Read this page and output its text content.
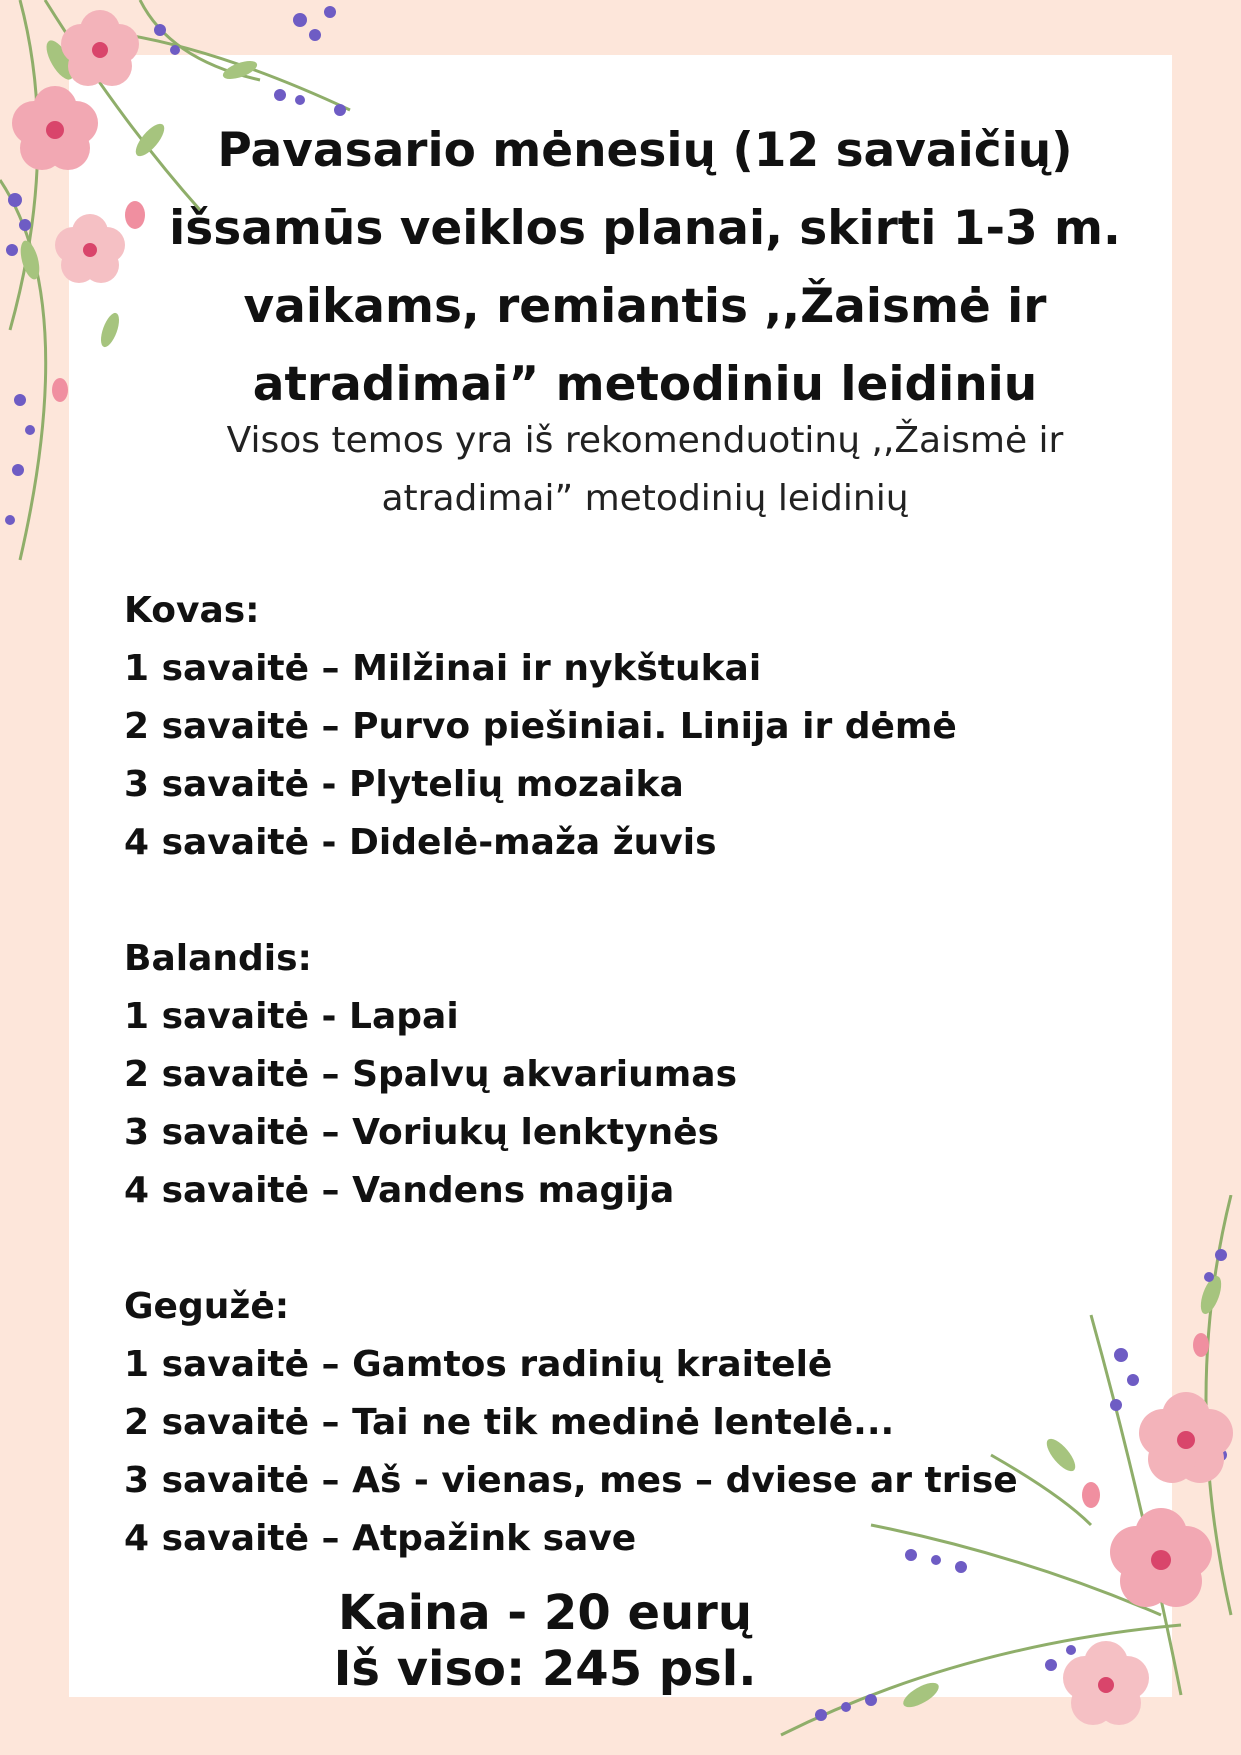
Pavasario mėnesių (12 savaičių) išsamūs veiklos planai, skirti 1-3 m. vaikams, remiantis ,,Žaismė ir atradimai” metodiniu leidiniu

Visos temos yra iš rekomenduotinų ,,Žaismė ir atradimai” metodinių leidinių

Kovas:
1 savaitė – Milžinai ir nykštukai
2 savaitė – Purvo piešiniai. Linija ir dėmė
3 savaitė - Plytelių mozaika
4 savaitė - Didelė-maža žuvis
Balandis:
1 savaitė - Lapai
2 savaitė – Spalvų akvariumas
3 savaitė – Voriukų lenktynės
4 savaitė – Vandens magija
Gegužė:
1 savaitė – Gamtos radinių kraitelė
2 savaitė – Tai ne tik medinė lentelė...
3 savaitė – Aš - vienas, mes – dviese ar trise
4 savaitė – Atpažink save
Kaina - 20 eurų
Iš viso: 245 psl.
